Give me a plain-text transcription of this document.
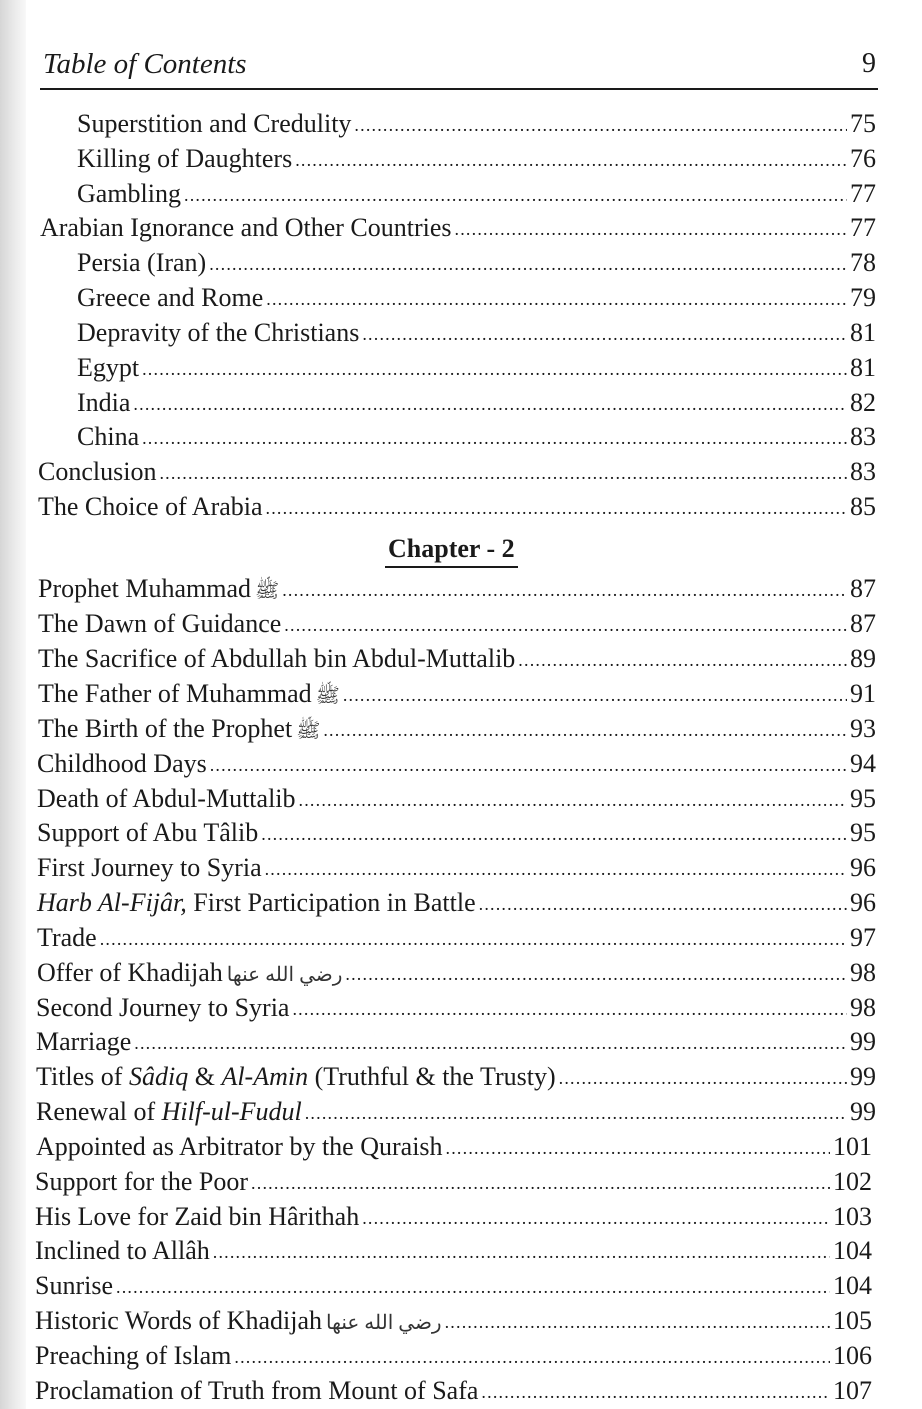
Table of Contents	9
Chapter - 2
Superstition and Credulity .....	75
Killing of Daughters .....	76
Gambling .....	77
Arabian Ignorance and Other Countries .....	77
Persia (Iran) .....	78
Greece and Rome .....	79
Depravity of the Christians .....	81
Egypt .....	81
India .....	82
China .....	83
Conclusion .....	83
The Choice of Arabia .....	85
Prophet Muhammad ﷺ .....	87
The Dawn of Guidance .....	87
The Sacrifice of Abdullah bin Abdul-Muttalib .....	89
The Father of Muhammad ﷺ .....	91
The Birth of the Prophet ﷺ .....	93
Childhood Days .....	94
Death of Abdul-Muttalib .....	95
Support of Abu Tâlib .....	95
First Journey to Syria .....	96
Harb Al-Fijâr, First Participation in Battle .....	96
Trade .....	97
Offer of Khadijah رضي الله عنها .....	98
Second Journey to Syria .....	98
Marriage .....	99
Titles of Sâdiq & Al-Amin (Truthful & the Trusty) .....	99
Renewal of Hilf-ul-Fudul .....	99
Appointed as Arbitrator by the Quraish .....	101
Support for the Poor .....	102
His Love for Zaid bin Hârithah .....	103
Inclined to Allâh .....	104
Sunrise .....	104
Historic Words of Khadijah رضي الله عنها .....	105
Preaching of Islam .....	106
Proclamation of Truth from Mount of Safa .....	107
